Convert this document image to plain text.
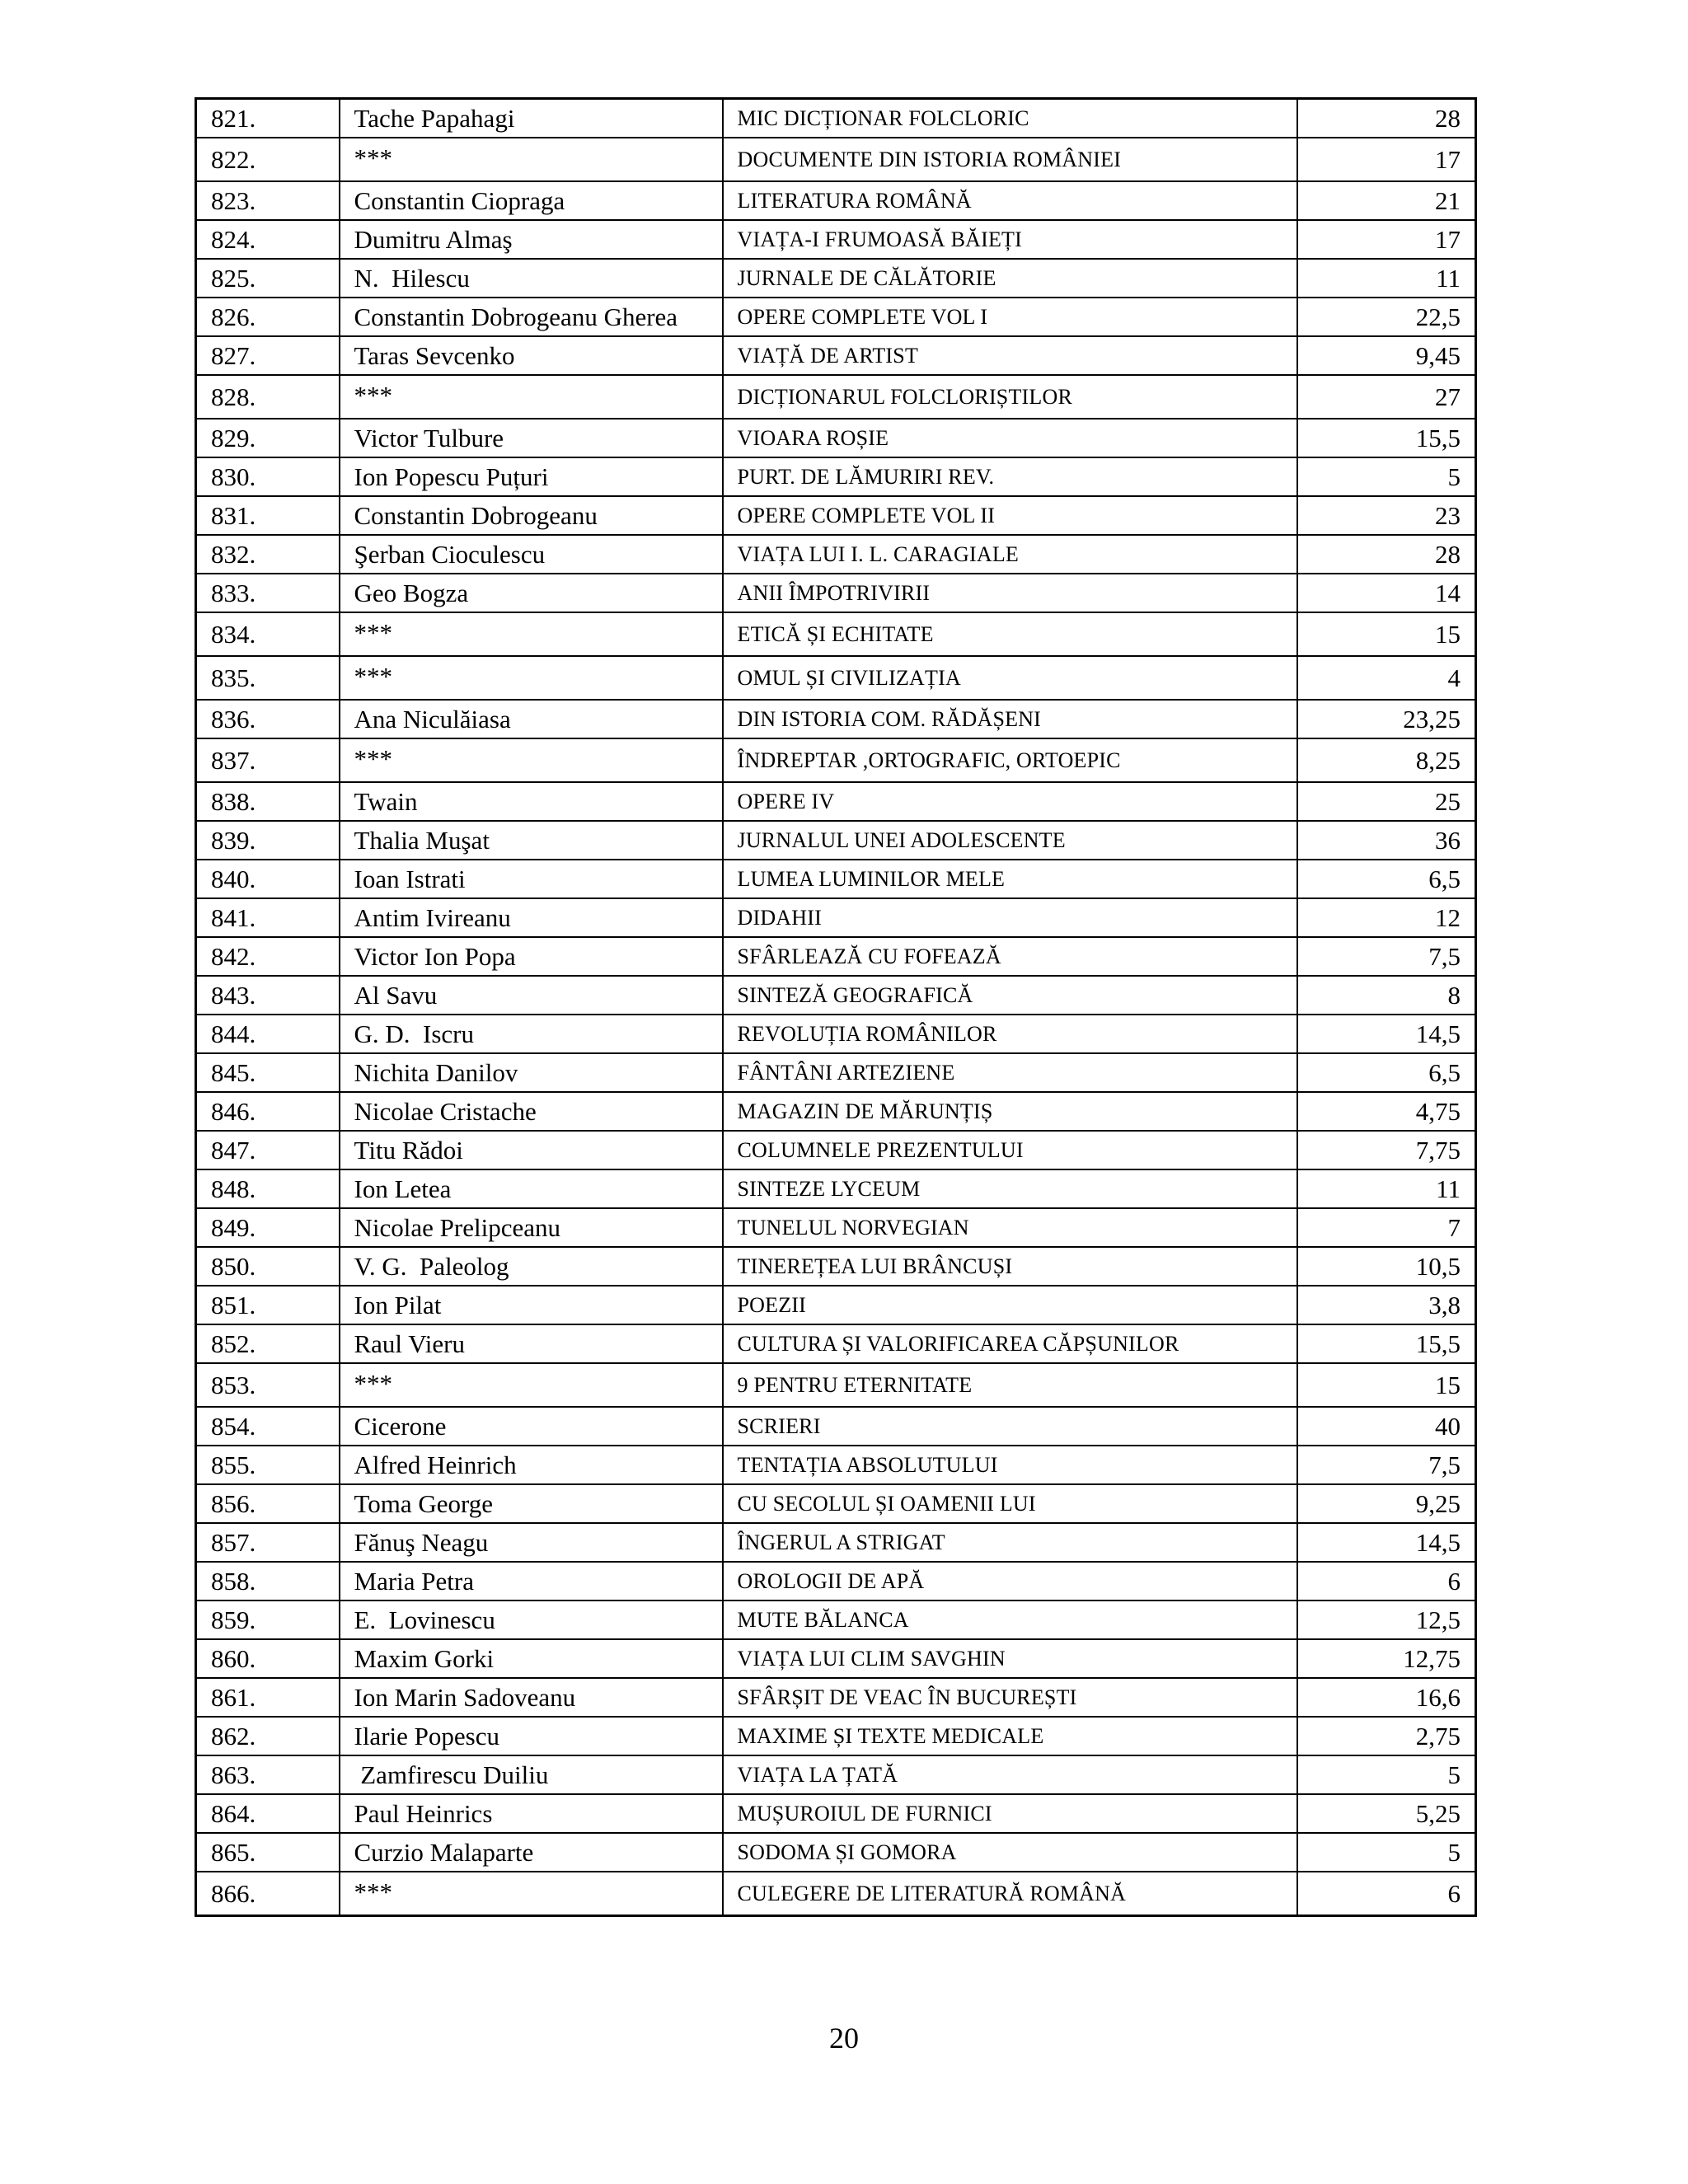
821.	Tache Papahagi	MIC DICȚIONAR FOLCLORIC	28
822.	***	DOCUMENTE DIN ISTORIA ROMÂNIEI	17
823.	Constantin Ciopraga	LITERATURA ROMÂNĂ	21
824.	Dumitru Almaş	VIAȚA-I FRUMOASĂ BĂIEȚI	17
825.	N.  Hilescu	JURNALE DE CĂLĂTORIE	11
826.	Constantin Dobrogeanu Gherea	OPERE COMPLETE VOL I	22,5
827.	Taras Sevcenko	VIAȚĂ DE ARTIST	9,45
828.	***	DICȚIONARUL FOLCLORIȘTILOR	27
829.	Victor Tulbure	VIOARA ROȘIE	15,5
830.	Ion Popescu Puțuri	PURT. DE LĂMURIRI REV.	5
831.	Constantin Dobrogeanu	OPERE COMPLETE VOL II	23
832.	Şerban Cioculescu	VIAȚA LUI I. L. CARAGIALE	28
833.	Geo Bogza	ANII ÎMPOTRIVIRII	14
834.	***	ETICĂ ȘI ECHITATE	15
835.	***	OMUL ȘI CIVILIZAȚIA	4
836.	Ana Niculăiasa	DIN ISTORIA COM. RĂDĂȘENI	23,25
837.	***	ÎNDREPTAR ,ORTOGRAFIC, ORTOEPIC	8,25
838.	Twain	OPERE IV	25
839.	Thalia Muşat	JURNALUL UNEI ADOLESCENTE	36
840.	Ioan Istrati	LUMEA LUMINILOR MELE	6,5
841.	Antim Ivireanu	DIDAHII	12
842.	Victor Ion Popa	SFÂRLEAZĂ CU FOFEAZĂ	7,5
843.	Al Savu	SINTEZĂ GEOGRAFICĂ	8
844.	G. D.  Iscru	REVOLUȚIA ROMÂNILOR	14,5
845.	Nichita Danilov	FÂNTÂNI ARTEZIENE	6,5
846.	Nicolae Cristache	MAGAZIN DE MĂRUNȚIȘ	4,75
847.	Titu Rădoi	COLUMNELE PREZENTULUI	7,75
848.	Ion Letea	SINTEZE LYCEUM	11
849.	Nicolae Prelipceanu	TUNELUL NORVEGIAN	7
850.	V. G.  Paleolog	TINEREȚEA LUI BRÂNCUȘI	10,5
851.	Ion Pilat	POEZII	3,8
852.	Raul Vieru	CULTURA ȘI VALORIFICAREA CĂPȘUNILOR	15,5
853.	***	9 PENTRU ETERNITATE	15
854.	Cicerone	SCRIERI	40
855.	Alfred Heinrich	TENTAȚIA ABSOLUTULUI	7,5
856.	Toma George	CU SECOLUL ȘI OAMENII LUI	9,25
857.	Fănuş Neagu	ÎNGERUL A STRIGAT	14,5
858.	Maria Petra	OROLOGII DE APĂ	6
859.	E.  Lovinescu	MUTE BĂLANCA	12,5
860.	Maxim Gorki	VIAȚA LUI CLIM SAVGHIN	12,75
861.	Ion Marin Sadoveanu	SFÂRȘIT DE VEAC ÎN BUCUREȘTI	16,6
862.	Ilarie Popescu	MAXIME ȘI TEXTE MEDICALE	2,75
863.	Zamfirescu Duiliu	VIAȚA LA ȚATĂ	5
864.	Paul Heinrics	MUȘUROIUL DE FURNICI	5,25
865.	Curzio Malaparte	SODOMA ȘI GOMORA	5
866.	***	CULEGERE DE LITERATURĂ ROMÂNĂ	6
20
